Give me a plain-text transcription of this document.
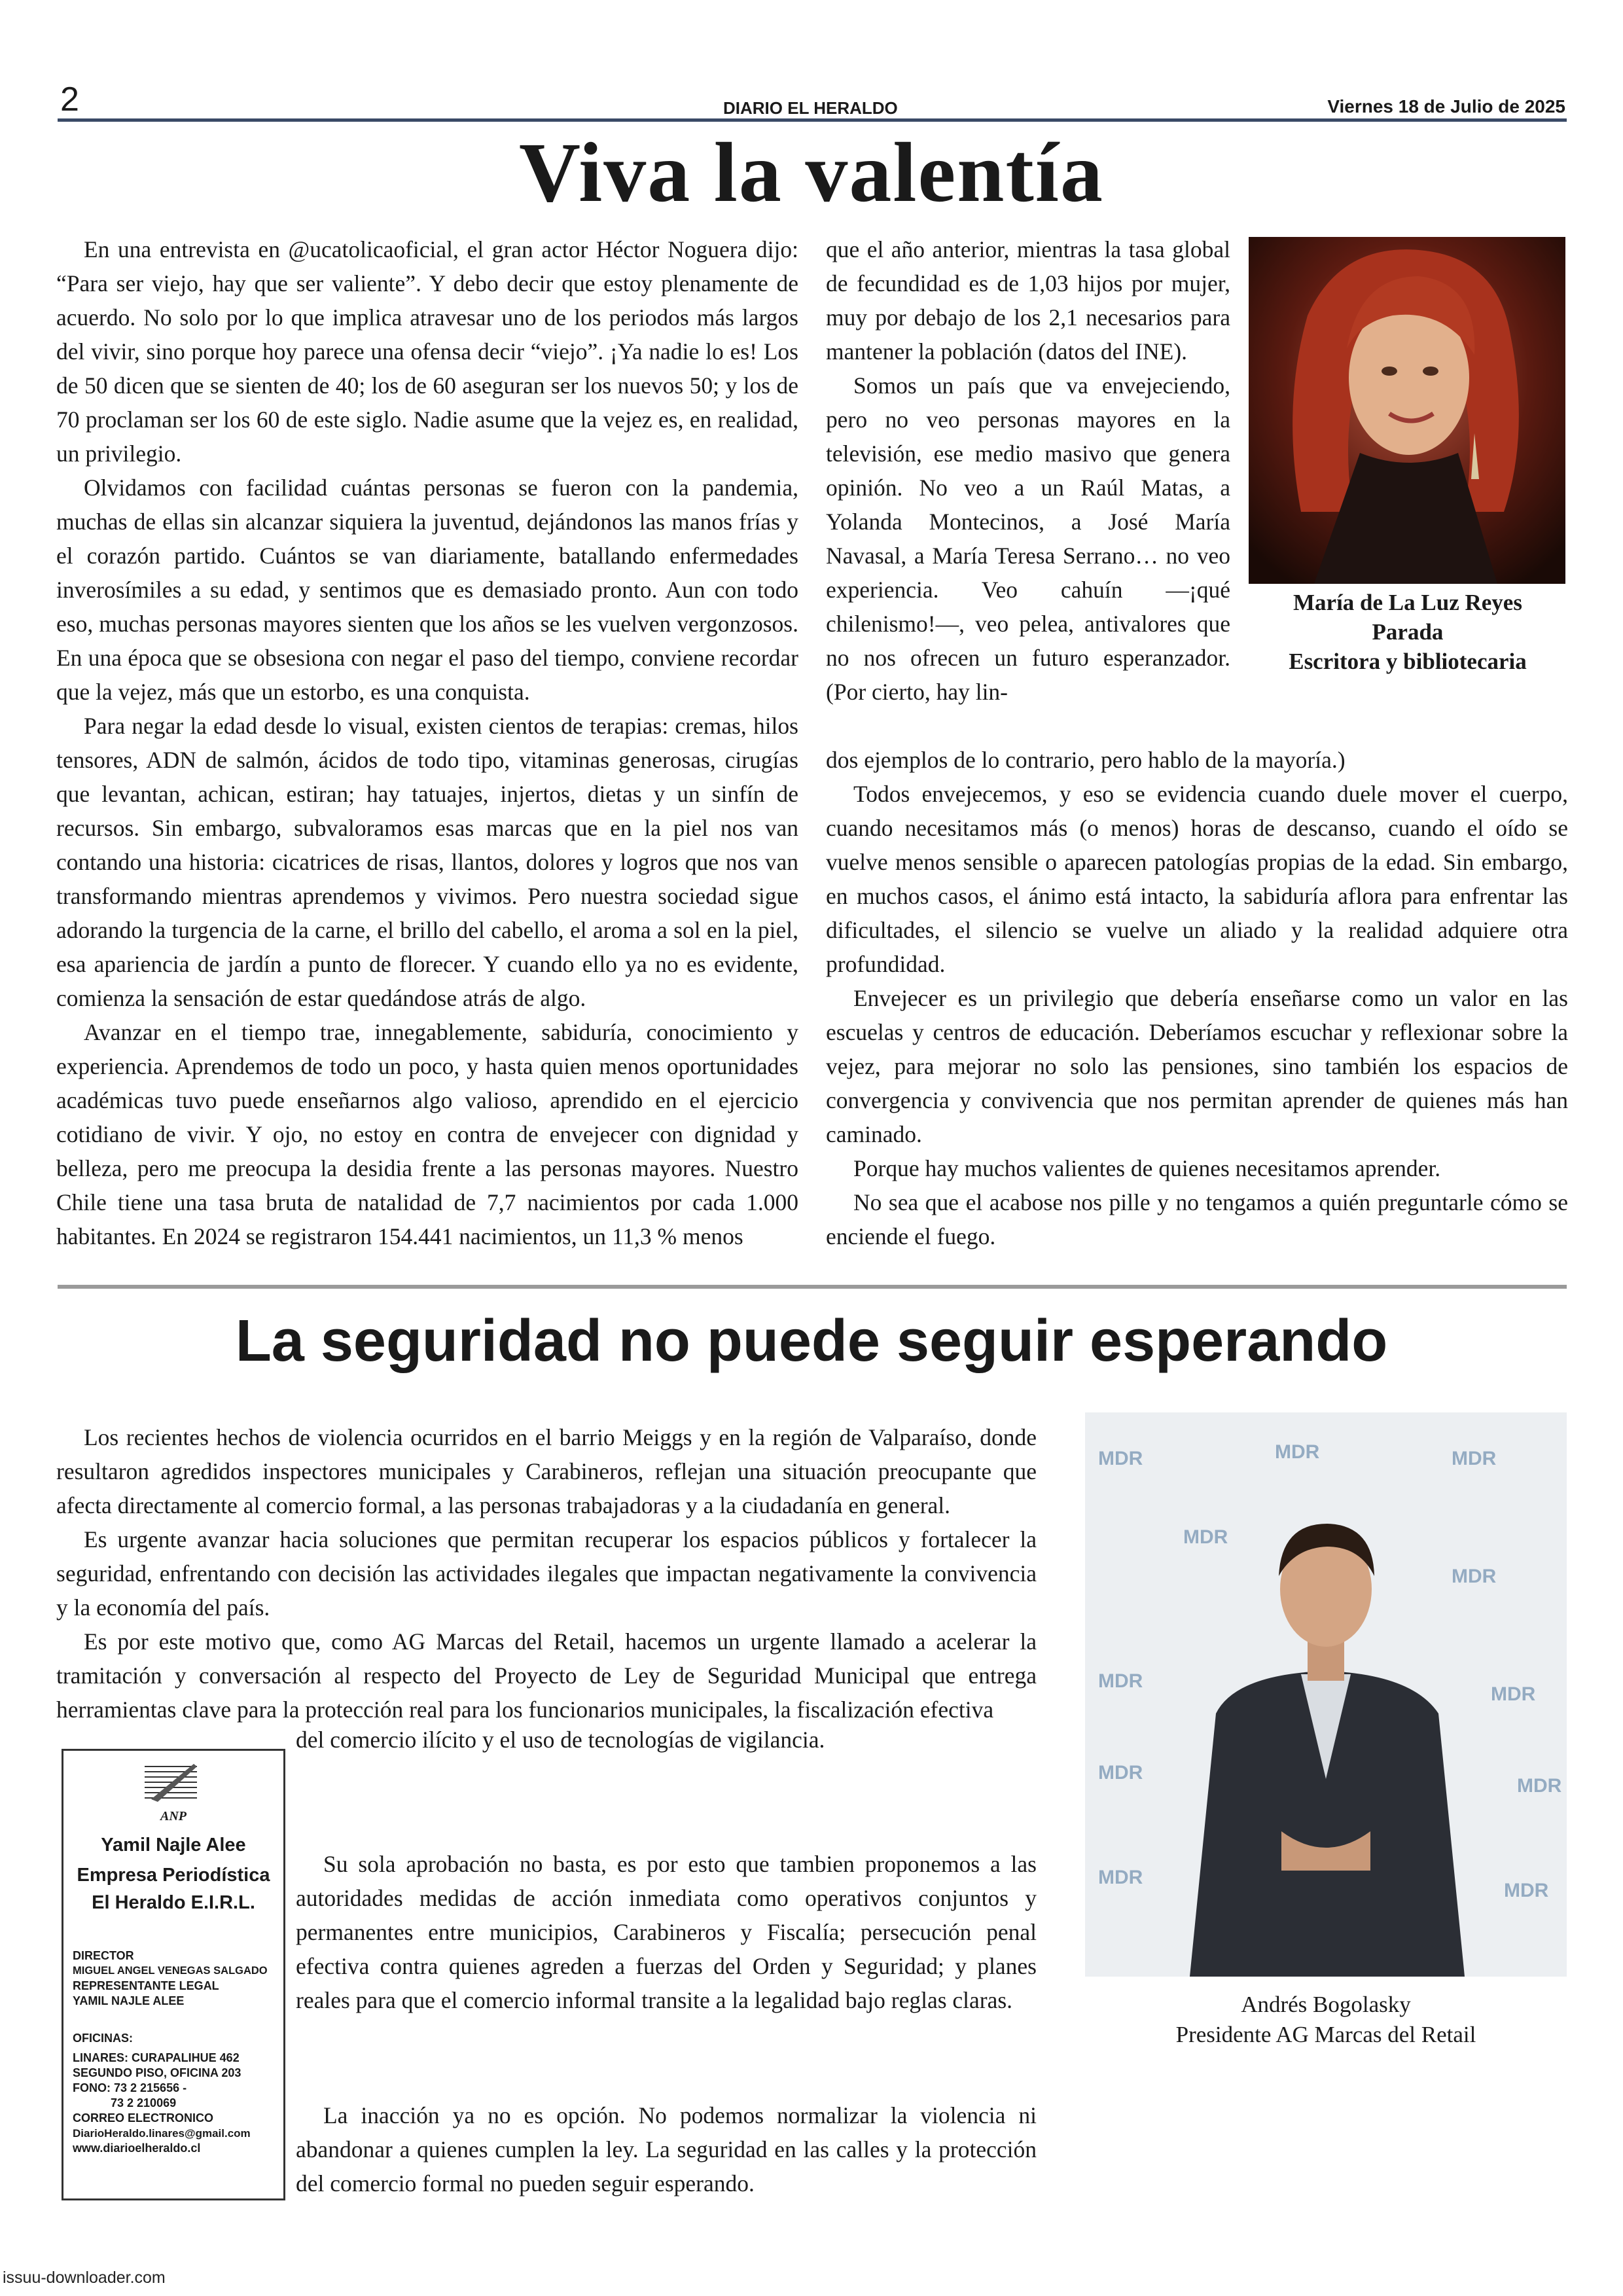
2	DIARIO EL HERALDO	Viernes 18 de Julio de 2025
Viva la valentía

En una entrevista en @ucatolicaoficial, el gran actor Héctor Noguera dijo: “Para ser viejo, hay que ser valiente”. Y debo decir que estoy plenamente de acuerdo. No solo por lo que implica atravesar uno de los periodos más largos del vivir, sino porque hoy parece una ofensa decir “viejo”. ¡Ya nadie lo es! Los de 50 dicen que se sienten de 40; los de 60 aseguran ser los nuevos 50; y los de 70 proclaman ser los 60 de este siglo. Nadie asume que la vejez es, en realidad, un privilegio.

Olvidamos con facilidad cuántas personas se fueron con la pandemia, muchas de ellas sin alcanzar siquiera la juventud, dejándonos las manos frías y el corazón partido. Cuántos se van diariamente, batallando enfermedades inverosímiles a su edad, y sentimos que es demasiado pronto. Aun con todo eso, muchas personas mayores sienten que los años se les vuelven vergonzosos. En una época que se obsesiona con negar el paso del tiempo, conviene recordar que la vejez, más que un estorbo, es una conquista.

Para negar la edad desde lo visual, existen cientos de terapias: cremas, hilos tensores, ADN de salmón, ácidos de todo tipo, vitaminas generosas, cirugías que levantan, achican, estiran; hay tatuajes, injertos, dietas y un sinfín de recursos. Sin embargo, subvaloramos esas marcas que en la piel nos van contando una historia: cicatrices de risas, llantos, dolores y logros que nos van transformando mientras aprendemos y vivimos. Pero nuestra sociedad sigue adorando la turgencia de la carne, el brillo del cabello, el aroma a sol en la piel, esa apariencia de jardín a punto de florecer. Y cuando ello ya no es evidente, comienza la sensación de estar quedándose atrás de algo.

Avanzar en el tiempo trae, innegablemente, sabiduría, conocimiento y experiencia. Aprendemos de todo un poco, y hasta quien menos oportunidades académicas tuvo puede enseñarnos algo valioso, aprendido en el ejercicio cotidiano de vivir. Y ojo, no estoy en contra de envejecer con dignidad y belleza, pero me preocupa la desidia frente a las personas mayores. Nuestro Chile tiene una tasa bruta de natalidad de 7,7 nacimientos por cada 1.000 habitantes. En 2024 se registraron 154.441 nacimientos, un 11,3 % menos

que el año anterior, mientras la tasa global de fecundidad es de 1,03 hijos por mujer, muy por debajo de los 2,1 necesarios para mantener la población (datos del INE).

Somos un país que va envejeciendo, pero no veo personas mayores en la televisión, ese medio masivo que genera opinión. No veo a un Raúl Matas, a Yolanda Montecinos, a José María Navasal, a María Teresa Serrano… no veo experiencia. Veo cahuín —¡qué chilenismo!—, veo pelea, antivalores que no nos ofrecen un futuro esperanzador. (Por cierto, hay lin-

María de La Luz Reyes
Parada
Escritora y bibliotecaria

dos ejemplos de lo contrario, pero hablo de la mayoría.)

Todos envejecemos, y eso se evidencia cuando duele mover el cuerpo, cuando necesitamos más (o menos) horas de descanso, cuando el oído se vuelve menos sensible o aparecen patologías propias de la edad. Sin embargo, en muchos casos, el ánimo está intacto, la sabiduría aflora para enfrentar las dificultades, el silencio se vuelve un aliado y la realidad adquiere otra profundidad.

Envejecer es un privilegio que debería enseñarse como un valor en las escuelas y centros de educación. Deberíamos escuchar y reflexionar sobre la vejez, para mejorar no solo las pensiones, sino también los espacios de convergencia y convivencia que nos permitan aprender de quienes más han caminado.

Porque hay muchos valientes de quienes necesitamos aprender.

No sea que el acabose nos pille y no tengamos a quién preguntarle cómo se enciende el fuego.

La seguridad no puede seguir esperando

Los recientes hechos de violencia ocurridos en el barrio Meiggs y en la región de Valparaíso, donde resultaron agredidos inspectores municipales y Carabineros, reflejan una situación preocupante que afecta directamente al comercio formal, a las personas trabajadoras y a la ciudadanía en general.

Es urgente avanzar hacia soluciones que permitan recuperar los espacios públicos y fortalecer la seguridad, enfrentando con decisión las actividades ilegales que impactan negativamente la convivencia y la economía del país.

Es por este motivo que, como AG Marcas del Retail, hacemos un urgente llamado a acelerar la tramitación y conversación al respecto del Proyecto de Ley de Seguridad Municipal que entrega herramientas clave para la protección real para los funcionarios municipales, la fiscalización efectiva

del comercio ilícito y el uso de tecnologías de vigilancia.

Su sola aprobación no basta, es por esto que tambien proponemos a las autoridades medidas de acción inmediata como operativos conjuntos y permanentes entre municipios, Carabineros y Fiscalía; persecución penal efectiva contra quienes agreden a fuerzas del Orden y Seguridad; y planes reales para que el comercio informal transite a la legalidad bajo reglas claras.

La inacción ya no es opción. No podemos normalizar la violencia ni abandonar a quienes cumplen la ley. La seguridad en las calles y la protección del comercio formal no pueden seguir esperando.

MDR	MDR	MDR
MDR
MDR
MDR
MDR
MDR
MDR
MDR
MDR
Andrés Bogolasky
Presidente AG Marcas del Retail
ANP
Yamil Najle Alee
Empresa Periodística
El Heraldo E.I.R.L.
DIRECTOR
MIGUEL ANGEL VENEGAS SALGADO
REPRESENTANTE LEGAL
YAMIL NAJLE ALEE
OFICINAS:
LINARES: CURAPALIHUE 462
SEGUNDO PISO, OFICINA 203
FONO: 73 2 215656 -
73 2 210069
CORREO ELECTRONICO
DiarioHeraldo.linares@gmail.com
www.diarioelheraldo.cl
issuu-downloader.com
